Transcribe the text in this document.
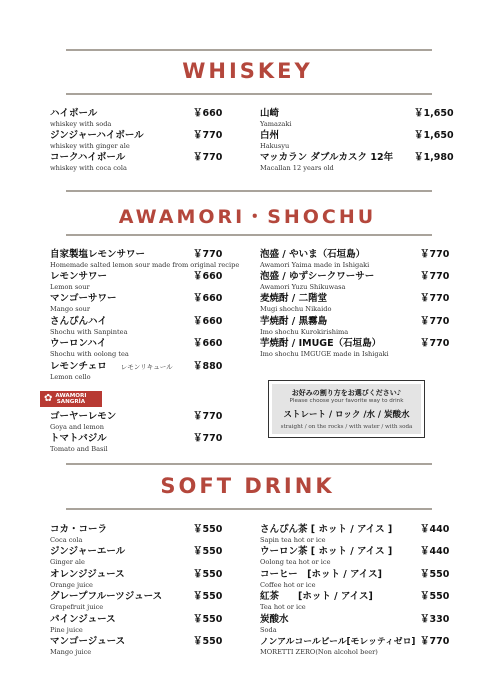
WHISKEY
ハイボール
whiskey with soda
￥660
ジンジャーハイボール
whiskey with ginger ale
￥770
コークハイボール
whiskey with coca cola
￥770
山崎
Yamazaki
￥1,650
白州
Hakusyu
￥1,650
マッカラン ダブルカスク 12年
Macallan 12 years old
￥1,980
AWAMORI・SHOCHU
自家製塩レモンサワー
Homemade salted lemon sour made from original recipe
￥770
レモンサワー
Lemon sour
￥660
マンゴーサワー
Mango sour
￥660
さんぴんハイ
Shochu with Sanpintea
￥660
ウーロンハイ
Shochu with oolong tea
￥660
レモンチェロ レモンリキュール
Lemon cello
￥880
✿ AWAMORI
SANGRÍA
ゴーヤーレモン
Goya and lemon
￥770
トマトバジル
Tomato and Basil
￥770
泡盛 / やいま（石垣島）
Awamori Yaima made in Ishigaki
￥770
泡盛 / ゆずシークワーサー
Awamori Yuzu Shikuwasa
￥770
麦焼酎 / 二階堂
Mugi shochu Nikaido
￥770
芋焼酎 / 黒霧島
Imo shochu Kurokirishima
￥770
芋焼酎 / IMUGE（石垣島）
Imo shochu IMGUGE made in Ishigaki
￥770
お好みの割り方をお選びください♪
Please choose your favorite way to drink
ストレート / ロック /水 / 炭酸水
straight / on the rocks / with water / with soda
SOFT DRINK
コカ・コーラ
Coca cola
￥550
ジンジャーエール
Ginger ale
￥550
オレンジジュース
Orange juice
￥550
グレープフルーツジュース
Grapefruit juice
￥550
パインジュース
Pine juice
￥550
マンゴージュース
Mango juice
￥550
さんぴん茶 [ ホット / アイス ]
Sapin tea hot or ice
￥440
ウーロン茶 [ ホット / アイス ]
Oolong tea hot or ice
￥440
コーヒー　[ホット / アイス]
Coffee hot or ice
￥550
紅茶　　[ホット / アイス]
Tea hot or ice
￥550
炭酸水
Soda
￥330
ノンアルコールビール[モレッティゼロ]
MORETTI ZERO(Non alcohol beer)
￥770
